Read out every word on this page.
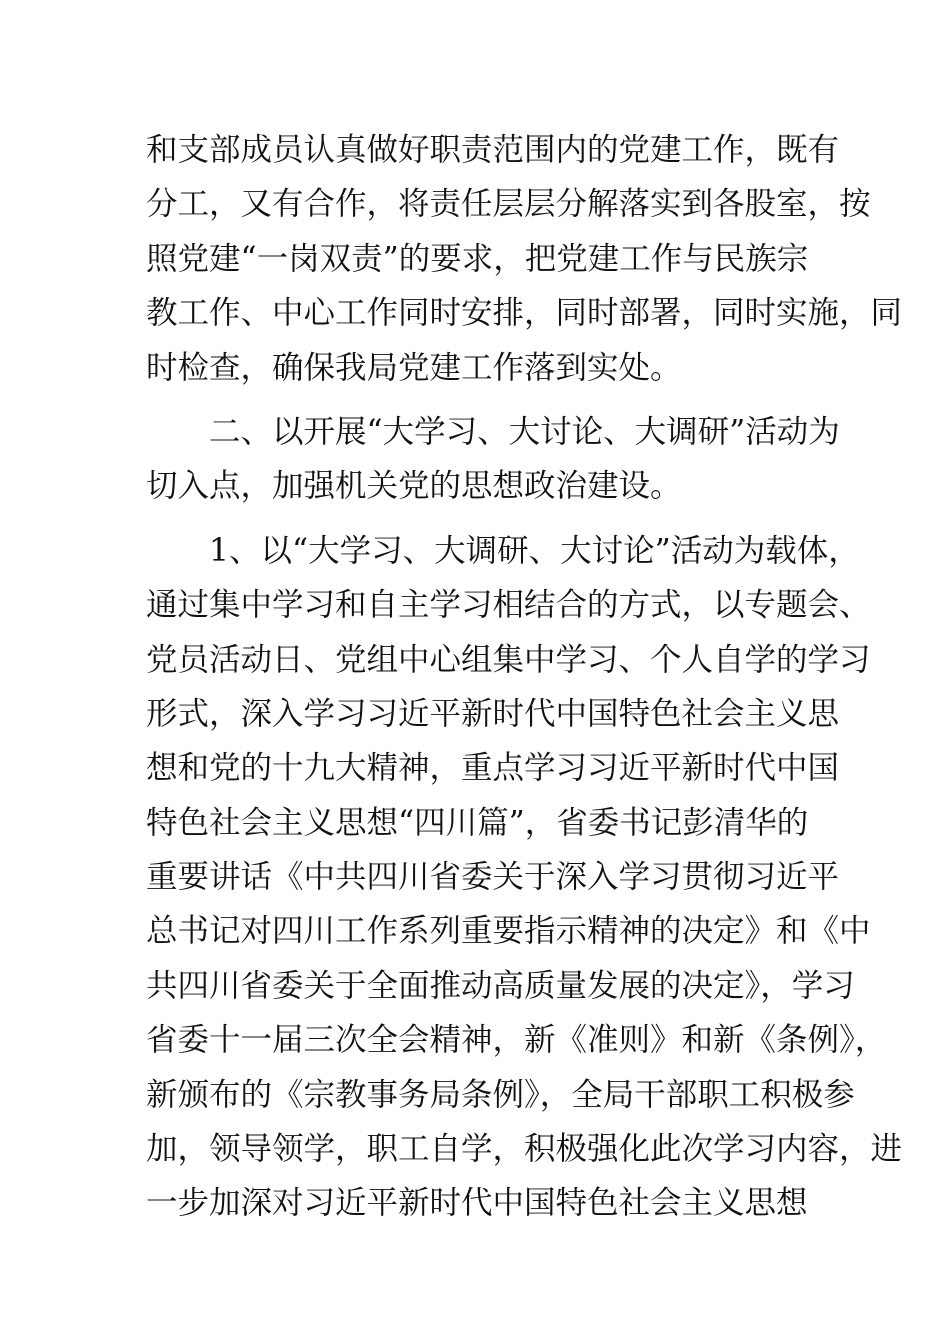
和支部成员认真做好职责范围内的党建工作，既有
分工，又有合作，将责任层层分解落实到各股室，按
照党建“一岗双责”的要求，把党建工作与民族宗
教工作、中心工作同时安排，同时部署，同时实施，同
时检查，确保我局党建工作落到实处。
　　二、以开展“大学习、大讨论、大调研”活动为
切入点，加强机关党的思想政治建设。
　　1、以“大学习、大调研、大讨论”活动为载体，
通过集中学习和自主学习相结合的方式，以专题会、
党员活动日、党组中心组集中学习、个人自学的学习
形式，深入学习习近平新时代中国特色社会主义思
想和党的十九大精神，重点学习习近平新时代中国
特色社会主义思想“四川篇”，省委书记彭清华的
重要讲话《中共四川省委关于深入学习贯彻习近平
总书记对四川工作系列重要指示精神的决定》和《中
共四川省委关于全面推动高质量发展的决定》，学习
省委十一届三次全会精神，新《准则》和新《条例》，
新颁布的《宗教事务局条例》，全局干部职工积极参
加，领导领学，职工自学，积极强化此次学习内容，进
一步加深对习近平新时代中国特色社会主义思想
